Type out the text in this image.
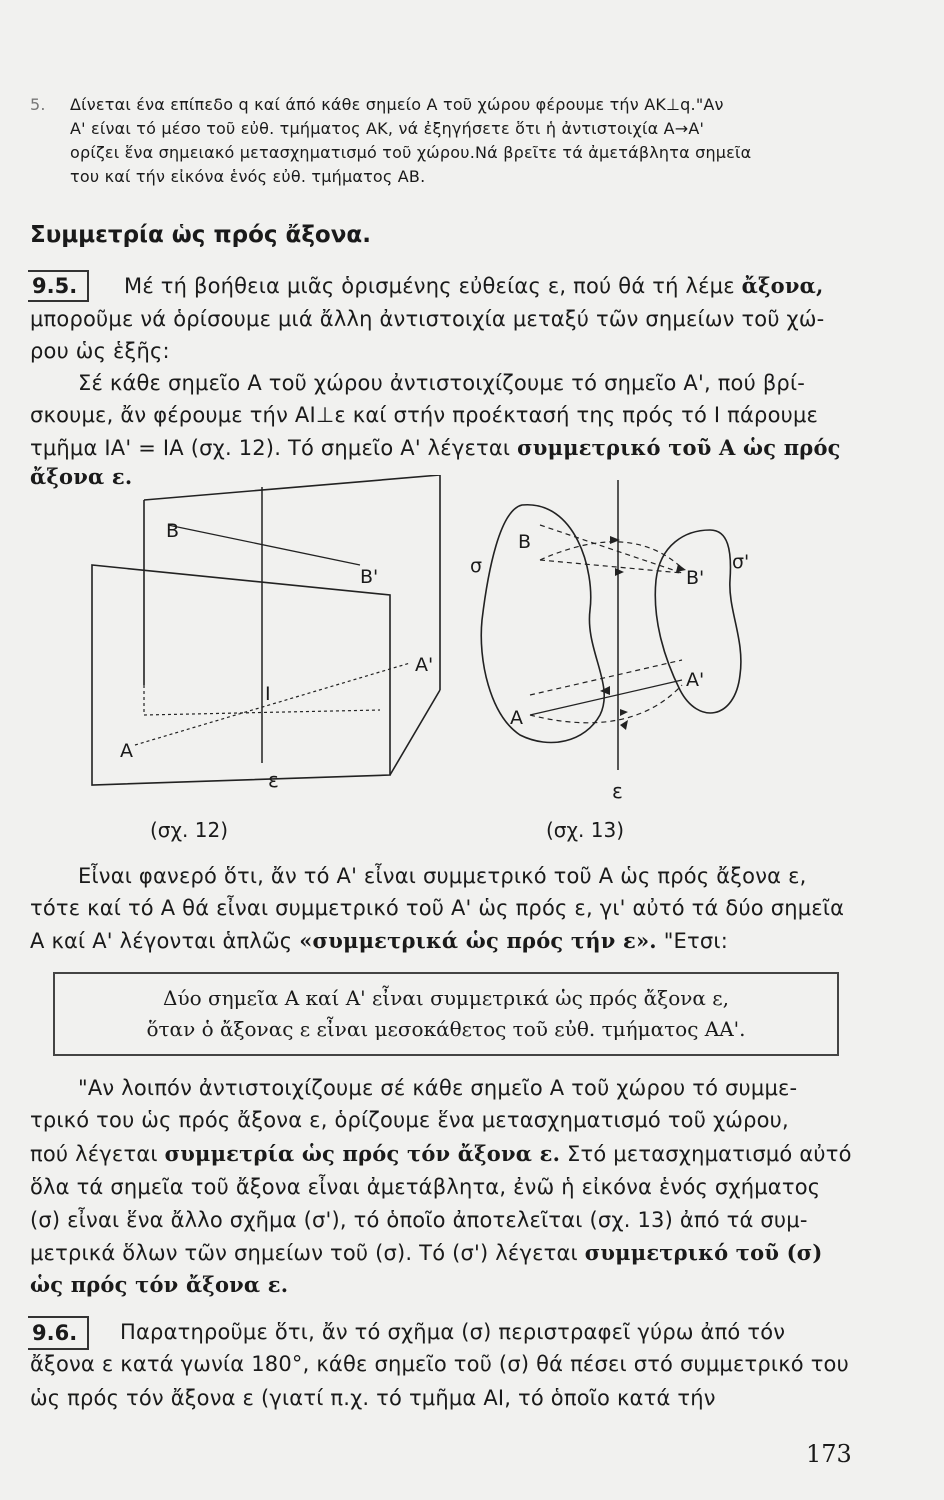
5. Δίνεται ένα επίπεδο q καί άπό κάθε σημείο Α τοῦ χώρου φέρουμε τήν ΑΚ⊥q."Αν
Α' είναι τό μέσο τοῦ εὐθ. τμήματος ΑΚ, νά ἐξηγήσετε ὅτι ἡ ἀντιστοιχία Α→Α'
ορίζει ἕνα σημειακό μετασχηματισμό τοῦ χώρου.Νά βρεῖτε τά ἀμετάβλητα σημεῖα
του καί τήν εἰκόνα ἑνός εὐθ. τμήματος ΑΒ.
Συμμετρία ὡς πρός ἄξονα.
9.5.	Μέ τή βοήθεια μιᾶς ὁρισμένης εὐθείας ε, πού θά τή λέμε ἄξονα,
μποροῦμε νά ὁρίσουμε μιά ἄλλη ἀντιστοιχία μεταξύ τῶν σημείων τοῦ χώ-
ρου ὡς ἑξῆς:
Σέ κάθε σημεῖο Α τοῦ χώρου ἀντιστοιχίζουμε τό σημεῖο Α', πού βρί-
σκουμε, ἄν φέρουμε τήν ΑΙ⊥ε καί στήν προέκτασή της πρός τό Ι πάρουμε
τμῆμα ΙΑ' = ΙΑ (σχ. 12). Τό σημεῖο Α' λέγεται συμμετρικό τοῦ Α ὡς πρός
ἄξονα ε.
B
B'
A
A'
I
ε
(σχ. 12)
σ	σ'
B
B'
A
A'
ε
(σχ. 13)
Εἶναι φανερό ὅτι, ἄν τό Α' εἶναι συμμετρικό τοῦ Α ὡς πρός ἄξονα ε,
τότε καί τό Α θά εἶναι συμμετρικό τοῦ Α' ὡς πρός ε, γι' αὐτό τά δύο σημεῖα
Α καί Α' λέγονται ἁπλῶς «συμμετρικά ὡς πρός τήν ε». "Ετσι:
Δύο σημεῖα Α καί Α' εἶναι συμμετρικά ὡς πρός ἄξονα ε,
ὅταν ὁ ἄξονας ε εἶναι μεσοκάθετος τοῦ εὐθ. τμήματος ΑΑ'.
"Αν λοιπόν ἀντιστοιχίζουμε σέ κάθε σημεῖο Α τοῦ χώρου τό συμμε-
τρικό του ὡς πρός ἄξονα ε, ὁρίζουμε ἕνα μετασχηματισμό τοῦ χώρου,
πού λέγεται συμμετρία ὡς πρός τόν ἄξονα ε. Στό μετασχηματισμό αὐτό
ὅλα τά σημεῖα τοῦ ἄξονα εἶναι ἀμετάβλητα, ἐνῶ ἡ εἰκόνα ἑνός σχήματος
(σ) εἶναι ἕνα ἄλλο σχῆμα (σ'), τό ὁποῖο ἀποτελεῖται (σχ. 13) ἀπό τά συμ-
μετρικά ὅλων τῶν σημείων τοῦ (σ). Τό (σ') λέγεται συμμετρικό τοῦ (σ)
ὡς πρός τόν ἄξονα ε.
9.6.	Παρατηροῦμε ὅτι, ἄν τό σχῆμα (σ) περιστραφεῖ γύρω ἀπό τόν
ἄξονα ε κατά γωνία 180°, κάθε σημεῖο τοῦ (σ) θά πέσει στό συμμετρικό του
ὡς πρός τόν ἄξονα ε (γιατί π.χ. τό τμῆμα ΑΙ, τό ὁποῖο κατά τήν
173
